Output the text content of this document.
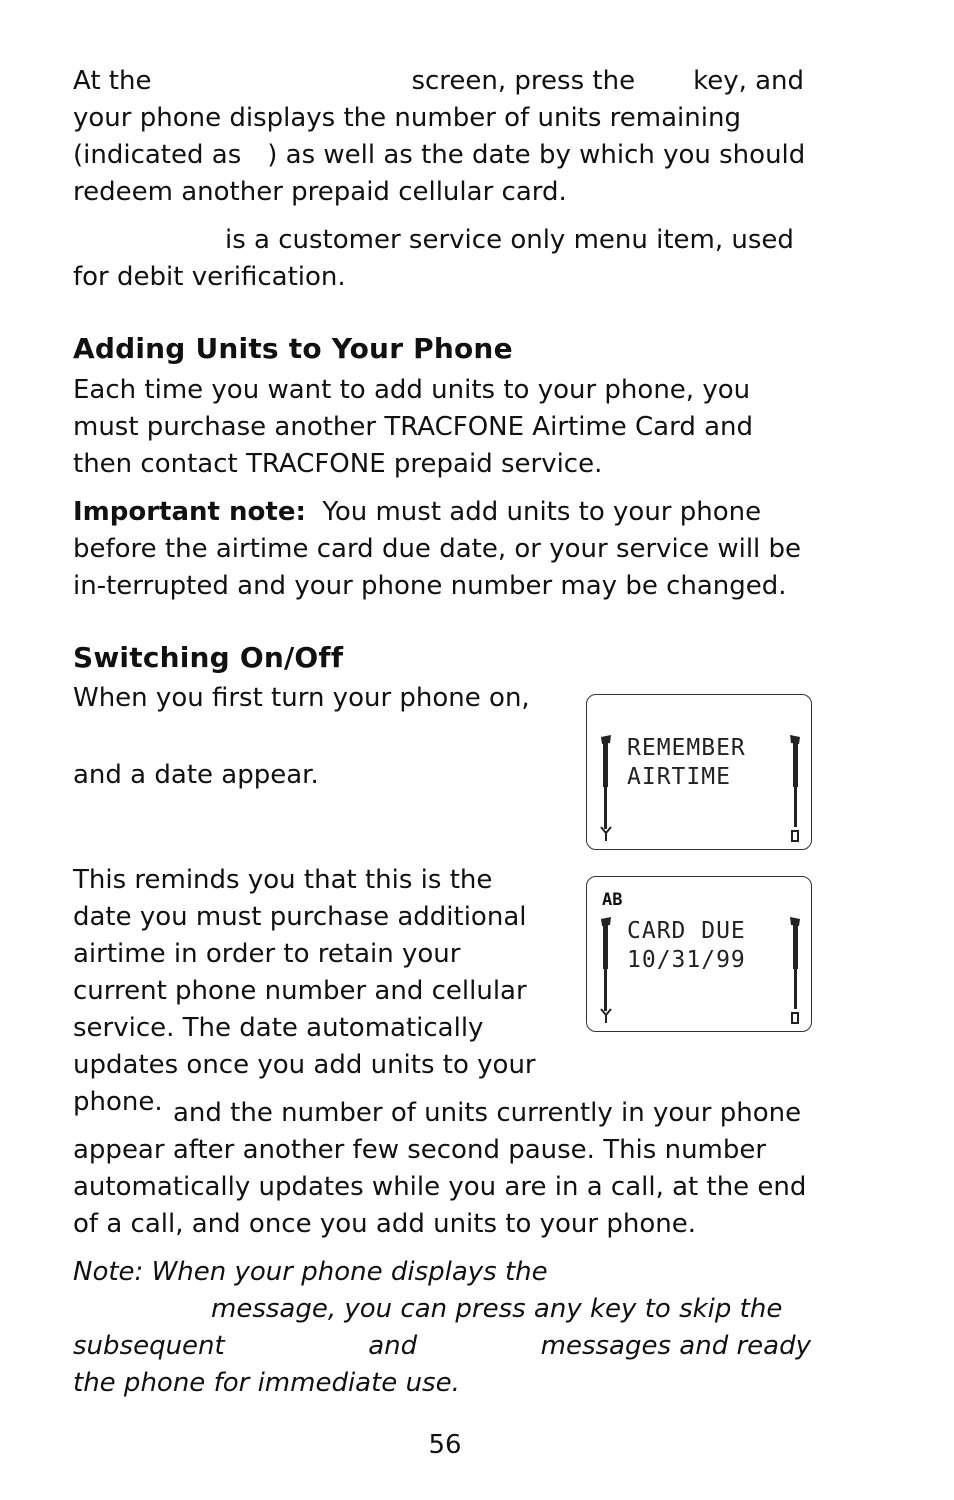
At the	screen, press the key, and your phone displays the number of units remaining (indicated as ) as well as the date by which you should redeem another prepaid cellular card.

is a customer service only menu item, used for debit verification.

Adding Units to Your Phone

Each time you want to add units to your phone, you must purchase another TRACFONE Airtime Card and then contact TRACFONE prepaid service.

Important note: You must add units to your phone before the airtime card due date, or your service will be in-terrupted and your phone number may be changed.

Switching On/Off

When you first turn your phone on,

and a date appear.

This reminds you that this is the date you must purchase additional airtime in order to retain your current phone number and cellular service. The date automatically updates once you add units to your phone. and the number of units currently in your phone appear after another few second pause. This number automatically updates while you are in a call, at the end of a call, and once you add units to your phone.

Note: When your phone displays the
message, you can press any key to skip the
subsequent	and	messages and ready
the phone for immediate use.
REMEMBER
AIRTIME
AB
CARD DUE
10/31/99
56
